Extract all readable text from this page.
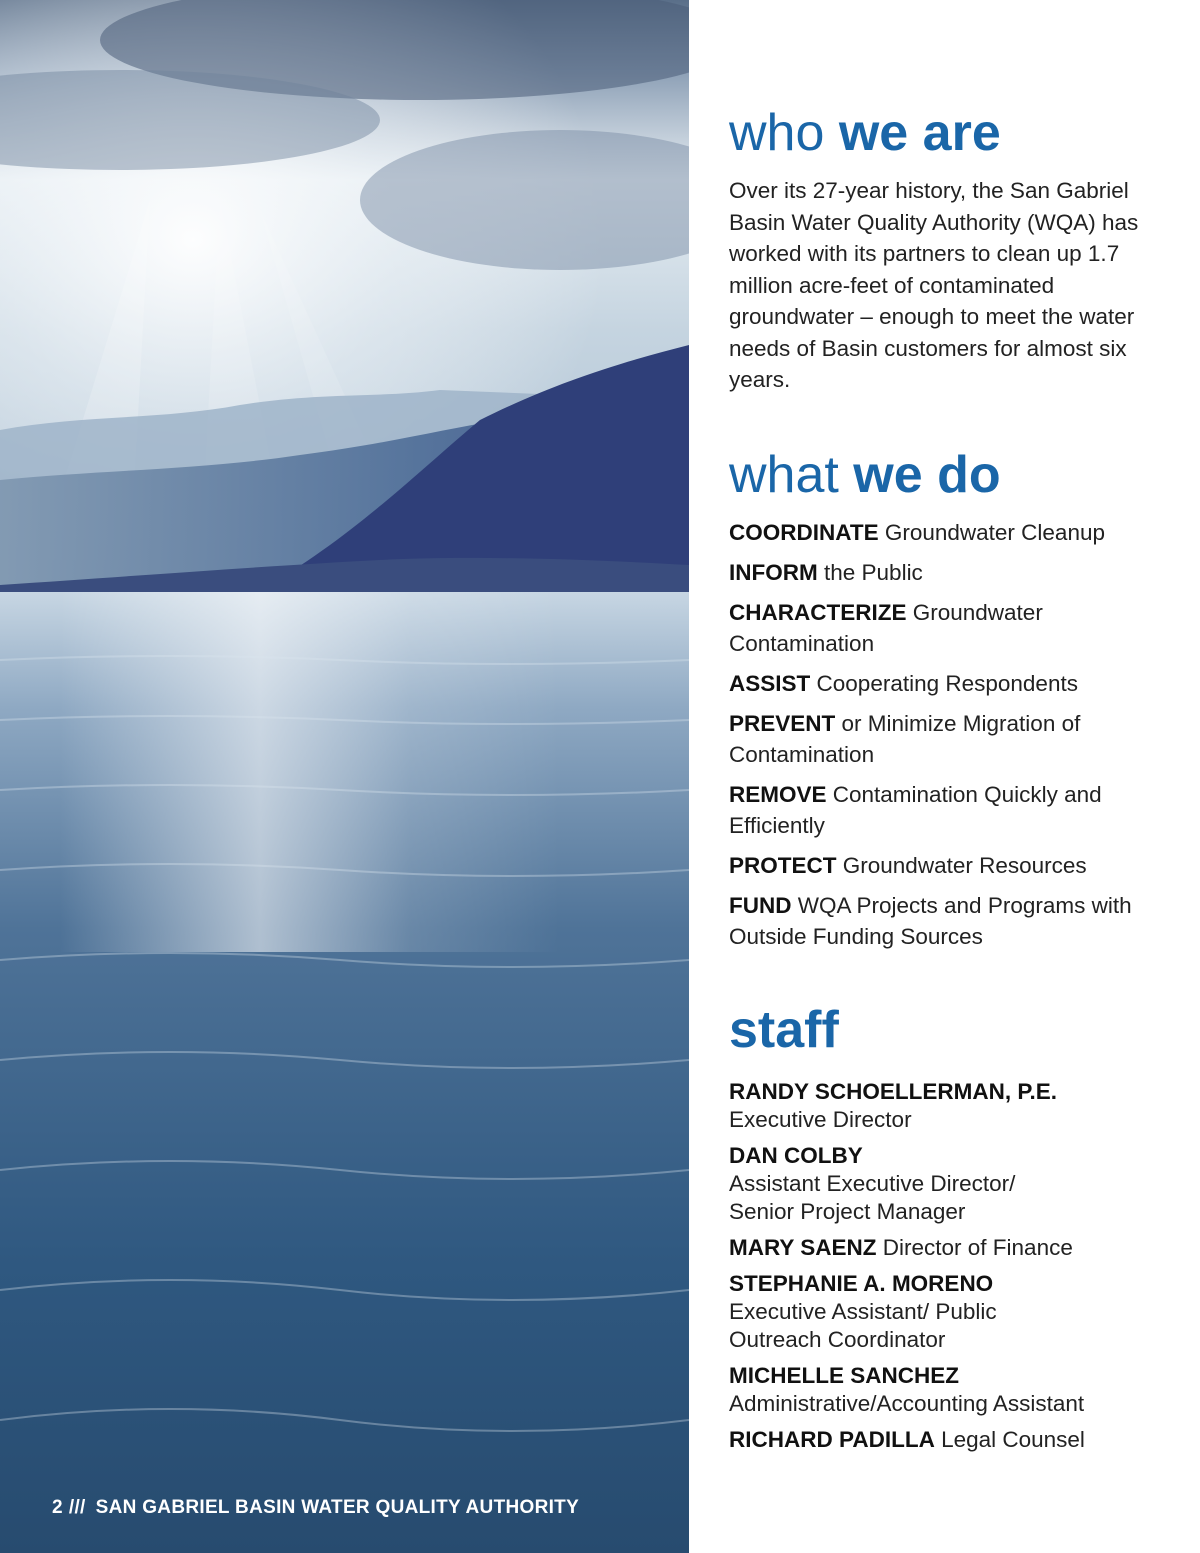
2 /// SAN GABRIEL BASIN WATER QUALITY AUTHORITY
who we are

Over its 27-year history, the San Gabriel Basin Water Quality Authority (WQA) has worked with its partners to clean up 1.7 million acre-feet of contaminated groundwater – enough to meet the water needs of Basin customers for almost six years.

what we do
COORDINATE Groundwater Cleanup
INFORM the Public
CHARACTERIZE Groundwater Contamination
ASSIST Cooperating Respondents
PREVENT or Minimize Migration of Contamination
REMOVE Contamination Quickly and Efficiently
PROTECT Groundwater Resources
FUND WQA Projects and Programs with Outside Funding Sources
staff
RANDY SCHOELLERMAN, P.E.
Executive Director
DAN COLBY
Assistant Executive Director/ Senior Project Manager
MARY SAENZ Director of Finance
STEPHANIE A. MORENO
Executive Assistant/ Public Outreach Coordinator
MICHELLE SANCHEZ
Administrative/Accounting Assistant
RICHARD PADILLA Legal Counsel
